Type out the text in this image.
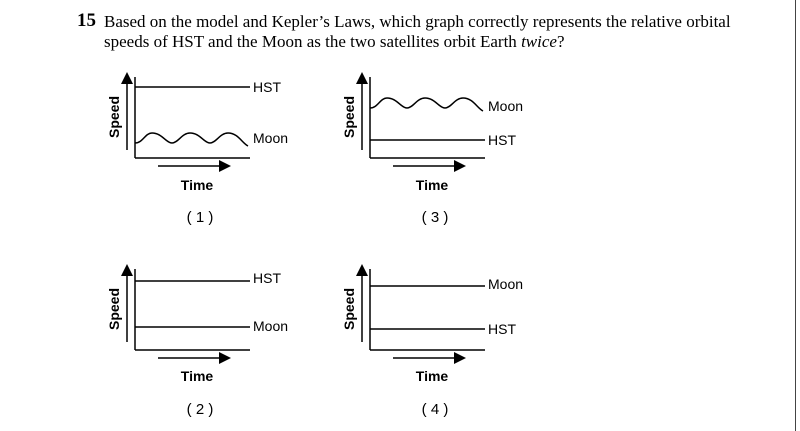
15 Based on the model and Kepler’s Laws, which graph correctly represents the relative orbital
speeds of HST and the Moon as the two satellites orbit Earth twice?
Speed
Time
HST
Moon
( 1 )
Speed
Time
Moon
HST
( 3 )
Speed
Time
HST
Moon
( 2 )
Speed
Time
Moon
HST
( 4 )
